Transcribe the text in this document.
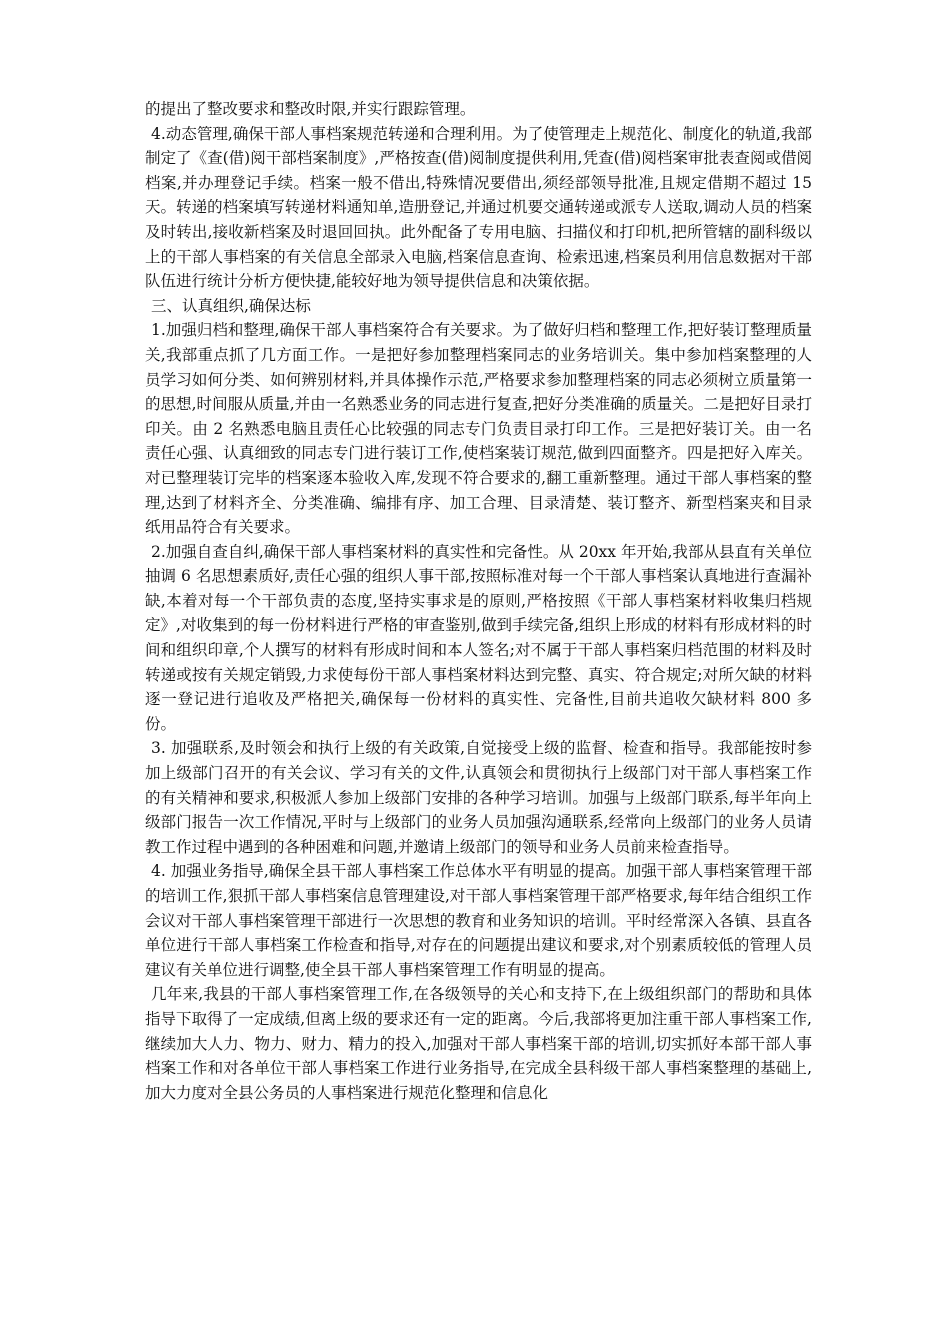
的提出了整改要求和整改时限,并实行跟踪管理。

4.动态管理,确保干部人事档案规范转递和合理利用。为了使管理走上规范化、制度化的轨道,我部制定了《查(借)阅干部档案制度》,严格按查(借)阅制度提供利用,凭查(借)阅档案审批表查阅或借阅档案,并办理登记手续。档案一般不借出,特殊情况要借出,须经部领导批准,且规定借期不超过 15 天。转递的档案填写转递材料通知单,造册登记,并通过机要交通转递或派专人送取,调动人员的档案及时转出,接收新档案及时退回回执。此外配备了专用电脑、扫描仪和打印机,把所管辖的副科级以上的干部人事档案的有关信息全部录入电脑,档案信息查询、检索迅速,档案员利用信息数据对干部队伍进行统计分析方便快捷,能较好地为领导提供信息和决策依据。

三、认真组织,确保达标

1.加强归档和整理,确保干部人事档案符合有关要求。为了做好归档和整理工作,把好装订整理质量关,我部重点抓了几方面工作。一是把好参加整理档案同志的业务培训关。集中参加档案整理的人员学习如何分类、如何辨别材料,并具体操作示范,严格要求参加整理档案的同志必须树立质量第一的思想,时间服从质量,并由一名熟悉业务的同志进行复查,把好分类准确的质量关。二是把好目录打印关。由 2 名熟悉电脑且责任心比较强的同志专门负责目录打印工作。三是把好装订关。由一名责任心强、认真细致的同志专门进行装订工作,使档案装订规范,做到四面整齐。四是把好入库关。对已整理装订完毕的档案逐本验收入库,发现不符合要求的,翻工重新整理。通过干部人事档案的整理,达到了材料齐全、分类准确、编排有序、加工合理、目录清楚、装订整齐、新型档案夹和目录纸用品符合有关要求。

2.加强自查自纠,确保干部人事档案材料的真实性和完备性。从 20xx 年开始,我部从县直有关单位抽调 6 名思想素质好,责任心强的组织人事干部,按照标准对每一个干部人事档案认真地进行查漏补缺,本着对每一个干部负责的态度,坚持实事求是的原则,严格按照《干部人事档案材料收集归档规定》,对收集到的每一份材料进行严格的审查鉴别,做到手续完备,组织上形成的材料有形成材料的时间和组织印章,个人撰写的材料有形成时间和本人签名;对不属于干部人事档案归档范围的材料及时转递或按有关规定销毁,力求使每份干部人事档案材料达到完整、真实、符合规定;对所欠缺的材料逐一登记进行追收及严格把关,确保每一份材料的真实性、完备性,目前共追收欠缺材料 800 多份。

3. 加强联系,及时领会和执行上级的有关政策,自觉接受上级的监督、检查和指导。我部能按时参加上级部门召开的有关会议、学习有关的文件,认真领会和贯彻执行上级部门对干部人事档案工作的有关精神和要求,积极派人参加上级部门安排的各种学习培训。加强与上级部门联系,每半年向上级部门报告一次工作情况,平时与上级部门的业务人员加强沟通联系,经常向上级部门的业务人员请教工作过程中遇到的各种困难和问题,并邀请上级部门的领导和业务人员前来检查指导。

4. 加强业务指导,确保全县干部人事档案工作总体水平有明显的提高。加强干部人事档案管理干部的培训工作,狠抓干部人事档案信息管理建设,对干部人事档案管理干部严格要求,每年结合组织工作会议对干部人事档案管理干部进行一次思想的教育和业务知识的培训。平时经常深入各镇、县直各单位进行干部人事档案工作检查和指导,对存在的问题提出建议和要求,对个别素质较低的管理人员建议有关单位进行调整,使全县干部人事档案管理工作有明显的提高。

几年来,我县的干部人事档案管理工作,在各级领导的关心和支持下,在上级组织部门的帮助和具体指导下取得了一定成绩,但离上级的要求还有一定的距离。今后,我部将更加注重干部人事档案工作,继续加大人力、物力、财力、精力的投入,加强对干部人事档案干部的培训,切实抓好本部干部人事档案工作和对各单位干部人事档案工作进行业务指导,在完成全县科级干部人事档案整理的基础上,加大力度对全县公务员的人事档案进行规范化整理和信息化
